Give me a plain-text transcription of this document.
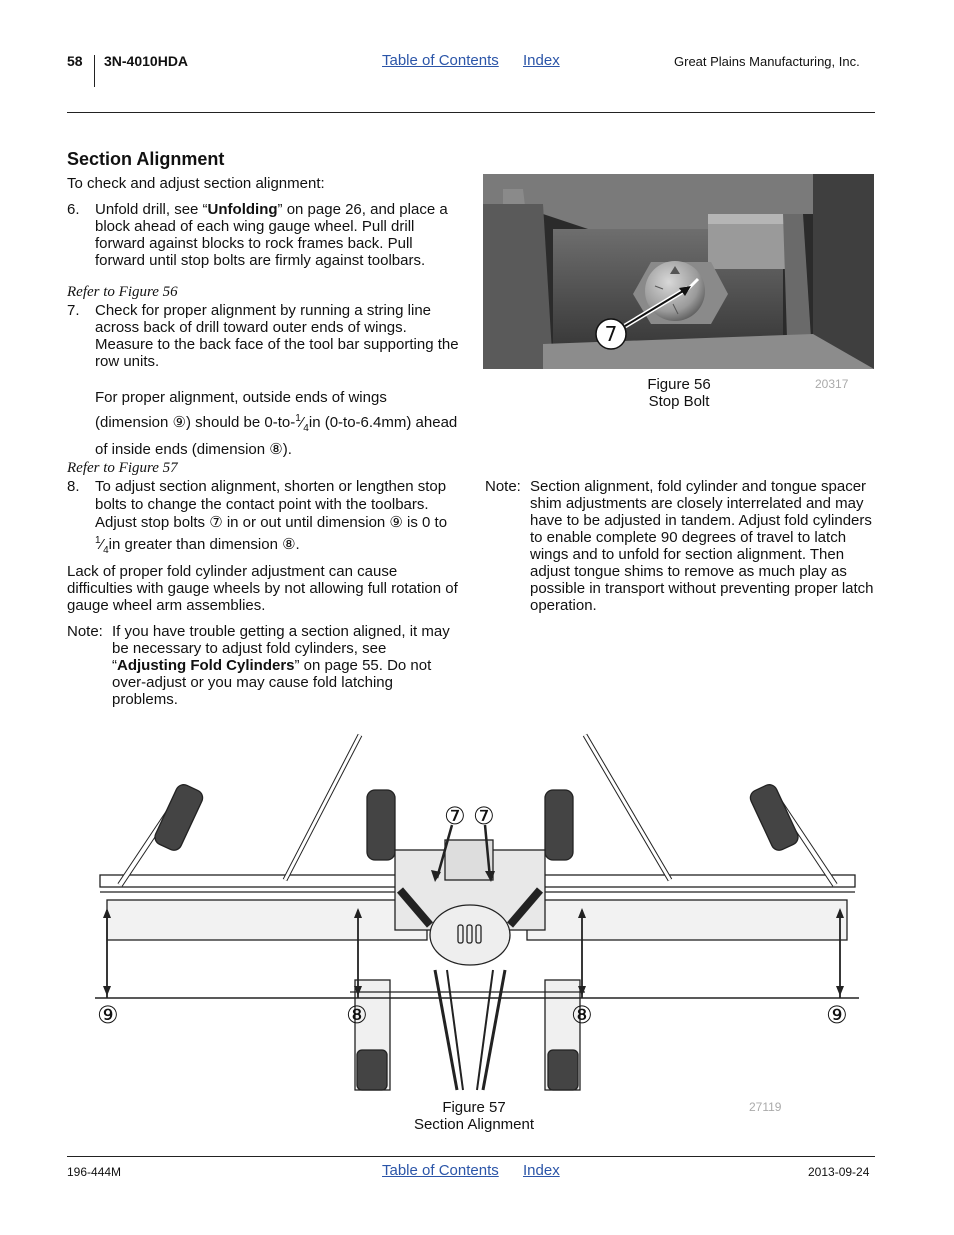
58 3N-4010HDA	Table of Contents Index	Great Plains Manufacturing, Inc.
Section Alignment
To check and adjust section alignment:
6. Unfold drill, see “Unfolding” on page 26, and place a block ahead of each wing gauge wheel. Pull drill forward against blocks to rock frames back. Pull forward until stop bolts are firmly against toolbars.
Refer to Figure 56
7. Check for proper alignment by running a string line across back of drill toward outer ends of wings. Measure to the back face of the tool bar supporting the row units.
For proper alignment, outside ends of wings (dimension ⑨) should be $0-to-^1⁄_4in$ (0-to-6.4mm) ahead of inside ends (dimension ⑧).
Refer to Figure 57
8. To adjust section alignment, shorten or lengthen stop bolts to change the contact point with the toolbars. Adjust stop bolts ⑦ in or out until dimension ⑨ is 0 to $^1⁄_4in$ greater than dimension ⑧.
Lack of proper fold cylinder adjustment can cause difficulties with gauge wheels by not allowing full rotation of gauge wheel arm assemblies.
Note: If you have trouble getting a section aligned, it may be necessary to adjust fold cylinders, see “Adjusting Fold Cylinders” on page 55. Do not over-adjust or you may cause fold latching problems.
7
Figure 56
Stop Bolt
20317
Note: Section alignment, fold cylinder and tongue spacer shim adjustments are closely interrelated and may have to be adjusted in tandem. Adjust fold cylinders to enable complete 90 degrees of travel to latch wings and to unfold for section alignment. Then adjust tongue shims to remove as much play as possible in transport without preventing proper latch operation.
⑦ ⑦
⑨	⑧	⑧	⑨
Figure 57
Section Alignment
27119
196-444M	Table of Contents Index	2013-09-24
